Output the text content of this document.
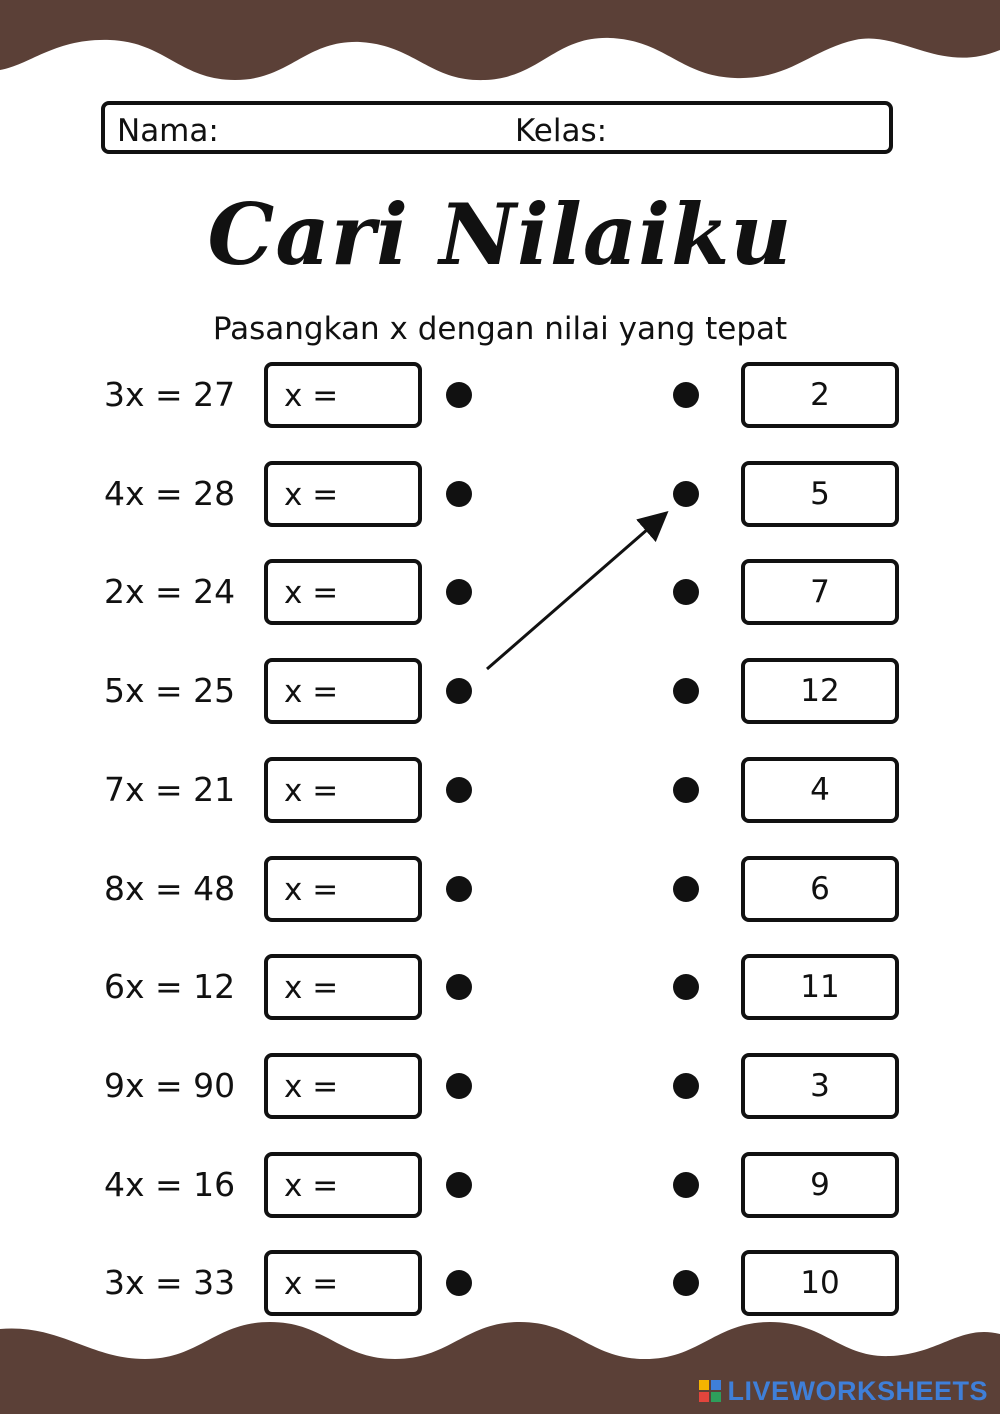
Nama:	Kelas:
Cari Nilaiku
Pasangkan x dengan nilai yang tepat
3x = 27 x =	2
4x = 28 x =	5
2x = 24 x =	7
5x = 25 x =	12
7x = 21 x =	4
8x = 48 x =	6
6x = 12 x =	11
9x = 90 x =	3
4x = 16 x =	9
3x = 33 x =	10
LIVEWORKSHEETS
